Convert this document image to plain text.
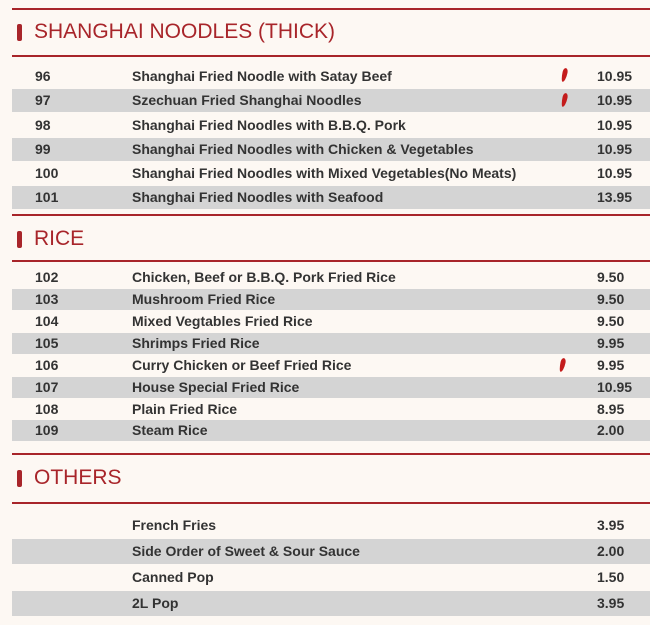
SHANGHAI NOODLES (THICK)
96	Shanghai Fried Noodle with Satay Beef	10.95
97	Szechuan Fried Shanghai Noodles	10.95
98	Shanghai Fried Noodles with B.B.Q. Pork	10.95
99	Shanghai Fried Noodles with Chicken & Vegetables	10.95
100	Shanghai Fried Noodles with Mixed Vegetables(No Meats)	10.95
101	Shanghai Fried Noodles with Seafood	13.95
RICE
102	Chicken, Beef or B.B.Q. Pork Fried Rice	9.50
103	Mushroom Fried Rice	9.50
104	Mixed Vegtables Fried Rice	9.50
105	Shrimps Fried Rice	9.95
106	Curry Chicken or Beef Fried Rice	9.95
107	House Special Fried Rice	10.95
108	Plain Fried Rice	8.95
109	Steam Rice	2.00
OTHERS
French Fries	3.95
Side Order of Sweet & Sour Sauce	2.00
Canned Pop	1.50
2L Pop	3.95
